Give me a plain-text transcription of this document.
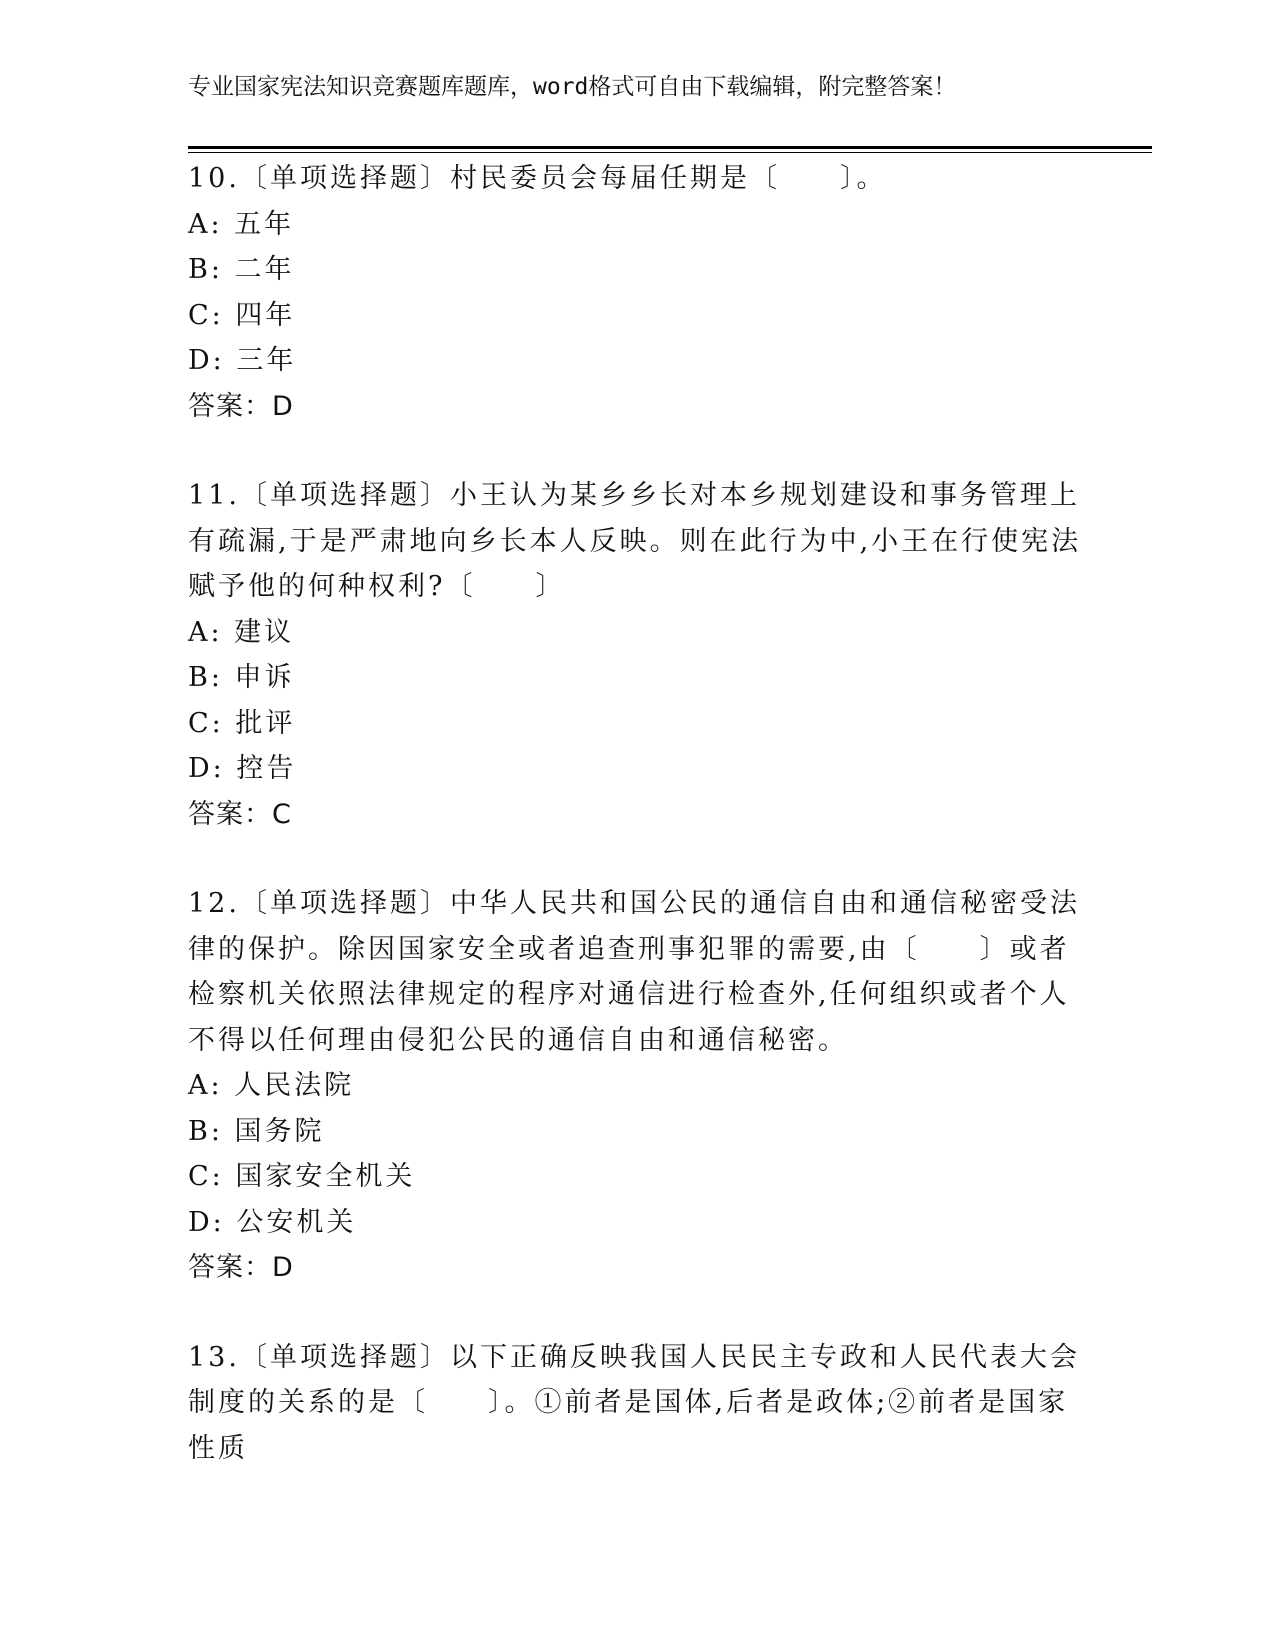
专业国家宪法知识竞赛题库题库，word格式可自由下载编辑，附完整答案！

10.〔单项选择题〕村民委员会每届任期是〔　　〕。

A: 五年

B: 二年

C: 四年

D: 三年

答案：D

11.〔单项选择题〕小王认为某乡乡长对本乡规划建设和事务管理上有疏漏,于是严肃地向乡长本人反映。则在此行为中,小王在行使宪法赋予他的何种权利?〔　　〕

A: 建议

B: 申诉

C: 批评

D: 控告

答案：C

12.〔单项选择题〕中华人民共和国公民的通信自由和通信秘密受法律的保护。除因国家安全或者追查刑事犯罪的需要,由〔　　〕或者检察机关依照法律规定的程序对通信进行检查外,任何组织或者个人不得以任何理由侵犯公民的通信自由和通信秘密。

A: 人民法院

B: 国务院

C: 国家安全机关

D: 公安机关

答案：D

13.〔单项选择题〕以下正确反映我国人民民主专政和人民代表大会制度的关系的是〔　　〕。①前者是国体,后者是政体;②前者是国家性质
